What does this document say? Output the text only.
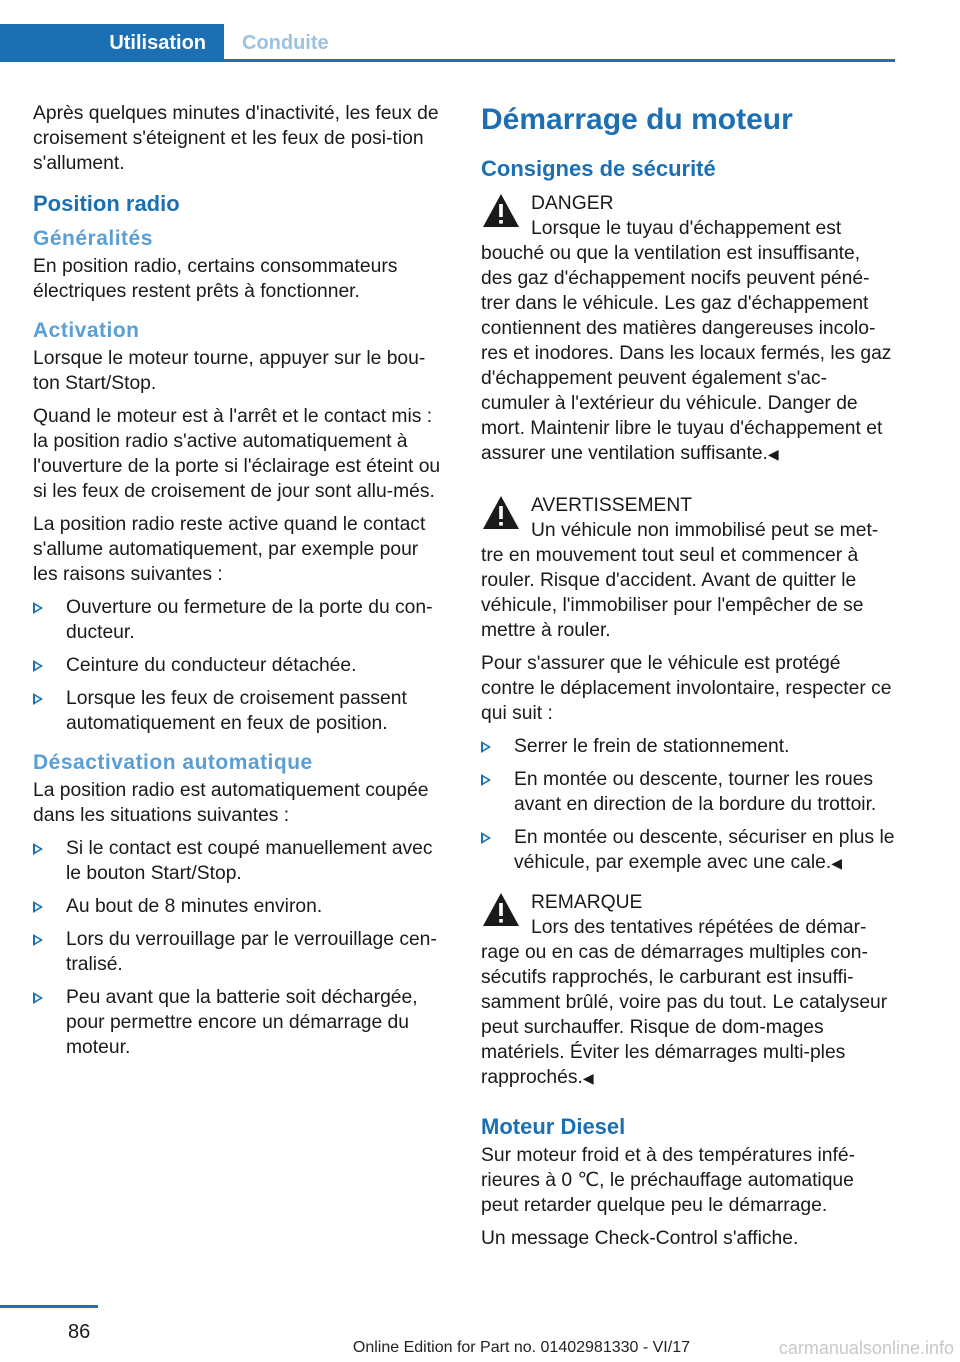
Utilisation Conduite

Après quelques minutes d'inactivité, les feux de croisement s'éteignent et les feux de posi-tion s'allument.

Position radio
Généralités

En position radio, certains consommateurs électriques restent prêts à fonctionner.

Activation

Lorsque le moteur tourne, appuyer sur le bou-ton Start/Stop.

Quand le moteur est à l'arrêt et le contact mis : la position radio s'active automatiquement à l'ouverture de la porte si l'éclairage est éteint ou si les feux de croisement de jour sont allu-més.

La position radio reste active quand le contact s'allume automatiquement, par exemple pour les raisons suivantes :

Ouverture ou fermeture de la porte du con-ducteur.
Ceinture du conducteur détachée.
Lorsque les feux de croisement passent automatiquement en feux de position.
Désactivation automatique

La position radio est automatiquement coupée dans les situations suivantes :

Si le contact est coupé manuellement avec le bouton Start/Stop.
Au bout de 8 minutes environ.
Lors du verrouillage par le verrouillage cen-tralisé.
Peu avant que la batterie soit déchargée, pour permettre encore un démarrage du moteur.
Démarrage du moteur
Consignes de sécurité
DANGER
Lorsque le tuyau d'échappement est bouché ou que la ventilation est insuffisante, des gaz d'échappement nocifs peuvent péné-trer dans le véhicule. Les gaz d'échappement contiennent des matières dangereuses incolo-res et inodores. Dans les locaux fermés, les gaz d'échappement peuvent également s'ac-cumuler à l'extérieur du véhicule. Danger de mort. Maintenir libre le tuyau d'échappement et assurer une ventilation suffisante.◀
AVERTISSEMENT
Un véhicule non immobilisé peut se met-tre en mouvement tout seul et commencer à rouler. Risque d'accident. Avant de quitter le véhicule, l'immobiliser pour l'empêcher de se mettre à rouler.

Pour s'assurer que le véhicule est protégé contre le déplacement involontaire, respecter ce qui suit :

Serrer le frein de stationnement.
En montée ou descente, tourner les roues avant en direction de la bordure du trottoir.
En montée ou descente, sécuriser en plus le véhicule, par exemple avec une cale.◀
REMARQUE
Lors des tentatives répétées de démar-rage ou en cas de démarrages multiples con-sécutifs rapprochés, le carburant est insuffi-samment brûlé, voire pas du tout. Le catalyseur peut surchauffer. Risque de dom-mages matériels. Éviter les démarrages multi-ples rapprochés.◀
Moteur Diesel

Sur moteur froid et à des températures infé-rieures à 0 ℃, le préchauffage automatique peut retarder quelque peu le démarrage.

Un message Check-Control s'affiche.

86
Online Edition for Part no. 01402981330 - VI/17	carmanualsonline.info
